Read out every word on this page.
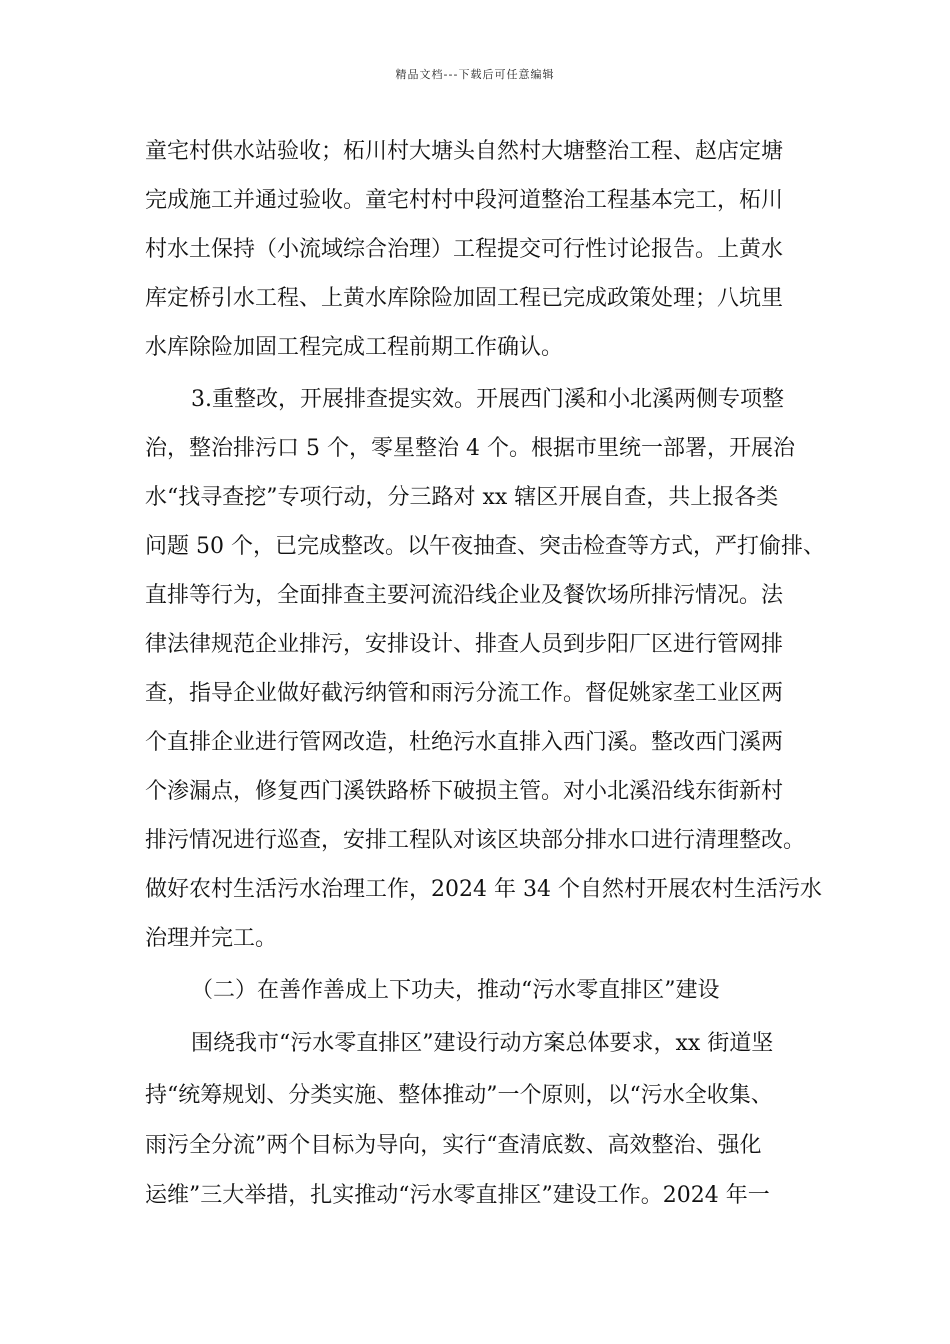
精品文档---下载后可任意编辑
童宅村供水站验收；柘川村大塘头自然村大塘整治工程、赵店定塘
完成施工并通过验收。童宅村村中段河道整治工程基本完工，柘川
村水土保持（小流域综合治理）工程提交可行性讨论报告。上黄水
库定桥引水工程、上黄水库除险加固工程已完成政策处理；八坑里
水库除险加固工程完成工程前期工作确认。
3.重整改，开展排查提实效。开展西门溪和小北溪两侧专项整
治，整治排污口 5 个，零星整治 4 个。根据市里统一部署，开展治
水“找寻查挖”专项行动，分三路对 xx 辖区开展自查，共上报各类
问题 50 个，已完成整改。以午夜抽查、突击检查等方式，严打偷排、
直排等行为，全面排查主要河流沿线企业及餐饮场所排污情况。法
律法律规范企业排污，安排设计、排查人员到步阳厂区进行管网排
查，指导企业做好截污纳管和雨污分流工作。督促姚家垄工业区两
个直排企业进行管网改造，杜绝污水直排入西门溪。整改西门溪两
个渗漏点，修复西门溪铁路桥下破损主管。对小北溪沿线东街新村
排污情况进行巡查，安排工程队对该区块部分排水口进行清理整改。
做好农村生活污水治理工作，2024 年 34 个自然村开展农村生活污水
治理并完工。
（二）在善作善成上下功夫，推动“污水零直排区”建设
围绕我市“污水零直排区”建设行动方案总体要求，xx 街道坚
持“统筹规划、分类实施、整体推动”一个原则，以“污水全收集、
雨污全分流”两个目标为导向，实行“查清底数、高效整治、强化
运维”三大举措，扎实推动“污水零直排区”建设工作。2024 年一
